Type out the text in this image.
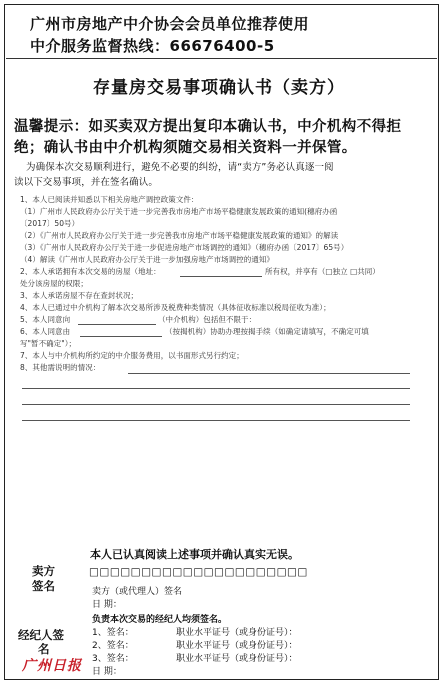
广州市房地产中介协会会员单位推荐使用
中介服务监督热线：66676400-5
存量房交易事项确认书（卖方）
温馨提示：如买卖双方提出复印本确认书，中介机构不得拒
绝；确认书由中介机构须随交易相关资料一并保管。
为确保本次交易顺利进行，避免不必要的纠纷，请“卖方”务必认真逐一阅
读以下交易事项，并在签名确认。
1、本人已阅读并知悉以下相关房地产调控政策文件：
（1）广州市人民政府办公厅关于进一步完善我市房地产市场平稳健康发展政策的通知(穗府办函
〔2017〕50号）
（2）《广州市人民政府办公厅关于进一步完善我市房地产市场平稳健康发展政策的通知》的解读
（3）《广州市人民政府办公厅关于进一步促进房地产市场调控的通知》（穗府办函〔2017〕65号）
（4）解读《广州市人民政府办公厅关于进一步加强房地产市场调控的通知》
2、本人承诺拥有本次交易的房屋（地址：	所有权，并享有（□独立 □共同）
处分该房屋的权限；
3、本人承诺房屋不存在查封状况；
4、本人已通过中介机构了解本次交易所涉及税费种类情况（具体征收标准以税局征收为准）；
5、本人同意向	（中介机构）包括但不限于：
6、本人同意由	（按揭机构）协助办理按揭手续（如确定请填写，不确定可填
写"暂不确定"）；
7、本人与中介机构所约定的中介服务费用，以书面形式另行约定；
8、其他需说明的情况：
本人已认真阅读上述事项并确认真实无误。
卖方
签名
□□□□□□□□□□□□□□□□□□□□□
卖方（或代理人）签名
日 期：
负责本次交易的经纪人均须签名。
经纪人签
名
1、签名：	职业水平证号（或身份证号）：
2、签名：	职业水平证号（或身份证号）：
3、签名：	职业水平证号（或身份证号）：
日 期：
广州日报
